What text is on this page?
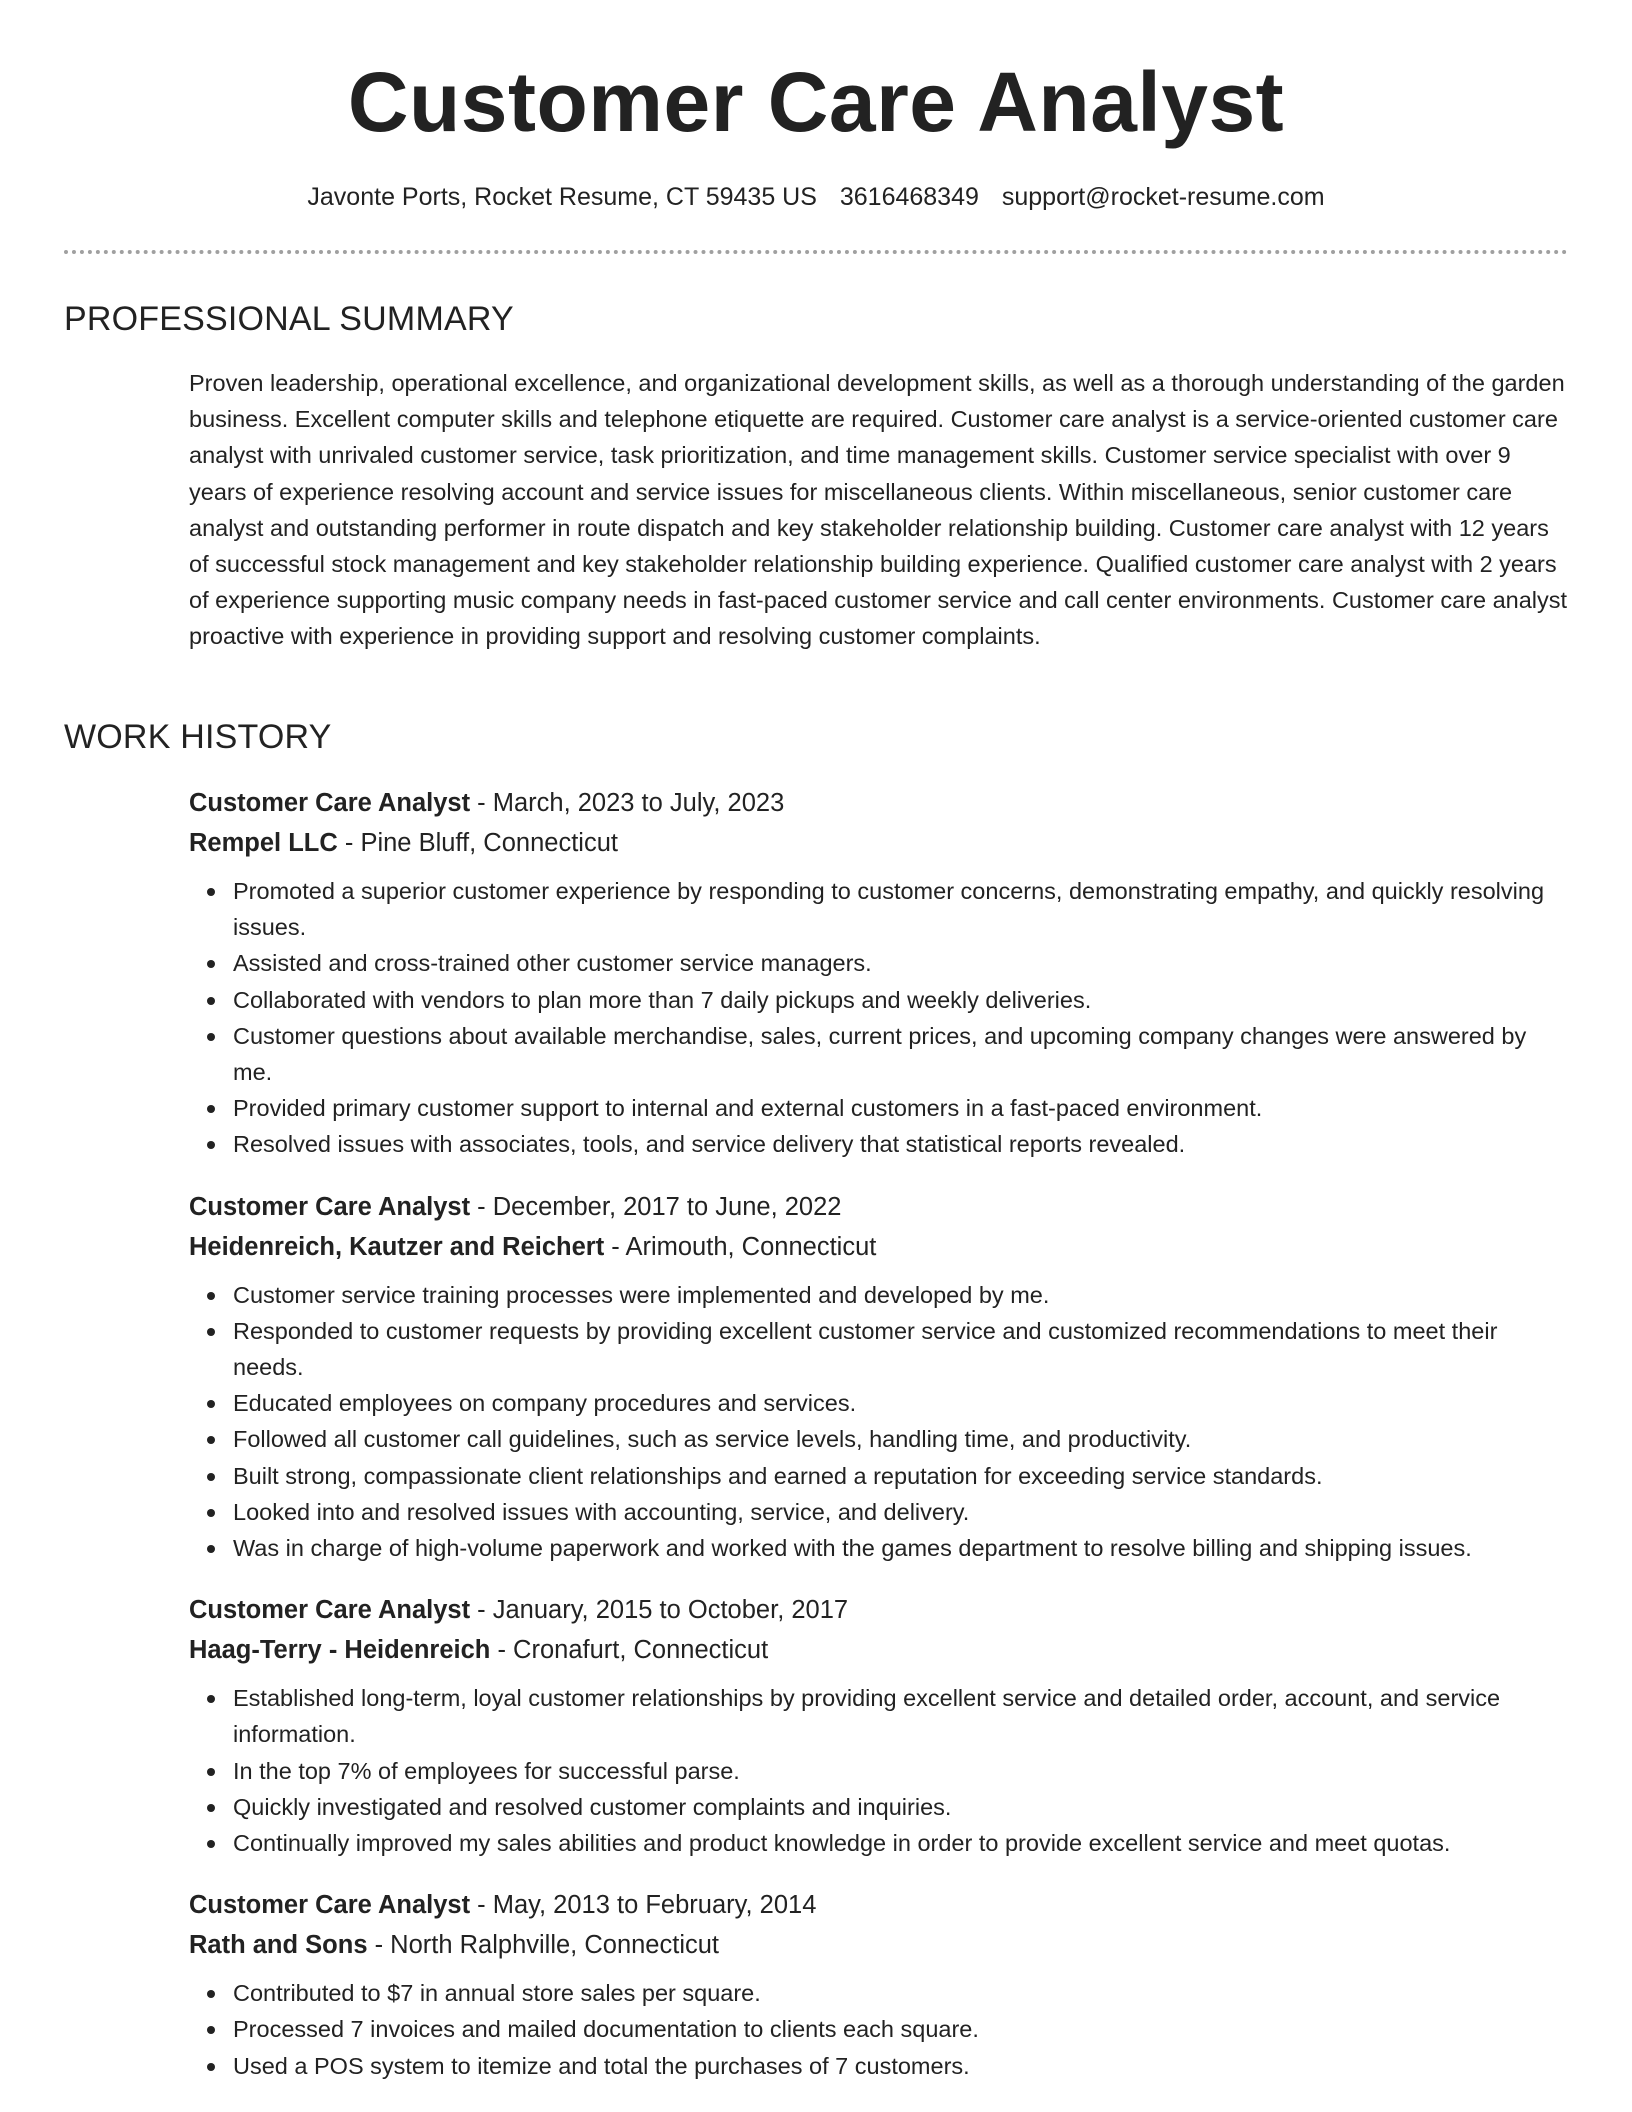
Customer Care Analyst
Javonte Ports, Rocket Resume, CT 59435 US 3616468349 support@rocket-resume.com
PROFESSIONAL SUMMARY

Proven leadership, operational excellence, and organizational development skills, as well as a thorough understanding of the garden business. Excellent computer skills and telephone etiquette are required. Customer care analyst is a service-oriented customer care analyst with unrivaled customer service, task prioritization, and time management skills. Customer service specialist with over 9 years of experience resolving account and service issues for miscellaneous clients. Within miscellaneous, senior customer care analyst and outstanding performer in route dispatch and key stakeholder relationship building. Customer care analyst with 12 years of successful stock management and key stakeholder relationship building experience. Qualified customer care analyst with 2 years of experience supporting music company needs in fast-paced customer service and call center environments. Customer care analyst proactive with experience in providing support and resolving customer complaints.

WORK HISTORY
Customer Care Analyst - March, 2023 to July, 2023
Rempel LLC - Pine Bluff, Connecticut
Promoted a superior customer experience by responding to customer concerns, demonstrating empathy, and quickly resolving issues.
Assisted and cross-trained other customer service managers.
Collaborated with vendors to plan more than 7 daily pickups and weekly deliveries.
Customer questions about available merchandise, sales, current prices, and upcoming company changes were answered by me.
Provided primary customer support to internal and external customers in a fast-paced environment.
Resolved issues with associates, tools, and service delivery that statistical reports revealed.
Customer Care Analyst - December, 2017 to June, 2022
Heidenreich, Kautzer and Reichert - Arimouth, Connecticut
Customer service training processes were implemented and developed by me.
Responded to customer requests by providing excellent customer service and customized recommendations to meet their needs.
Educated employees on company procedures and services.
Followed all customer call guidelines, such as service levels, handling time, and productivity.
Built strong, compassionate client relationships and earned a reputation for exceeding service standards.
Looked into and resolved issues with accounting, service, and delivery.
Was in charge of high-volume paperwork and worked with the games department to resolve billing and shipping issues.
Customer Care Analyst - January, 2015 to October, 2017
Haag-Terry - Heidenreich - Cronafurt, Connecticut
Established long-term, loyal customer relationships by providing excellent service and detailed order, account, and service information.
In the top 7% of employees for successful parse.
Quickly investigated and resolved customer complaints and inquiries.
Continually improved my sales abilities and product knowledge in order to provide excellent service and meet quotas.
Customer Care Analyst - May, 2013 to February, 2014
Rath and Sons - North Ralphville, Connecticut
Contributed to $7 in annual store sales per square.
Processed 7 invoices and mailed documentation to clients each square.
Used a POS system to itemize and total the purchases of 7 customers.
